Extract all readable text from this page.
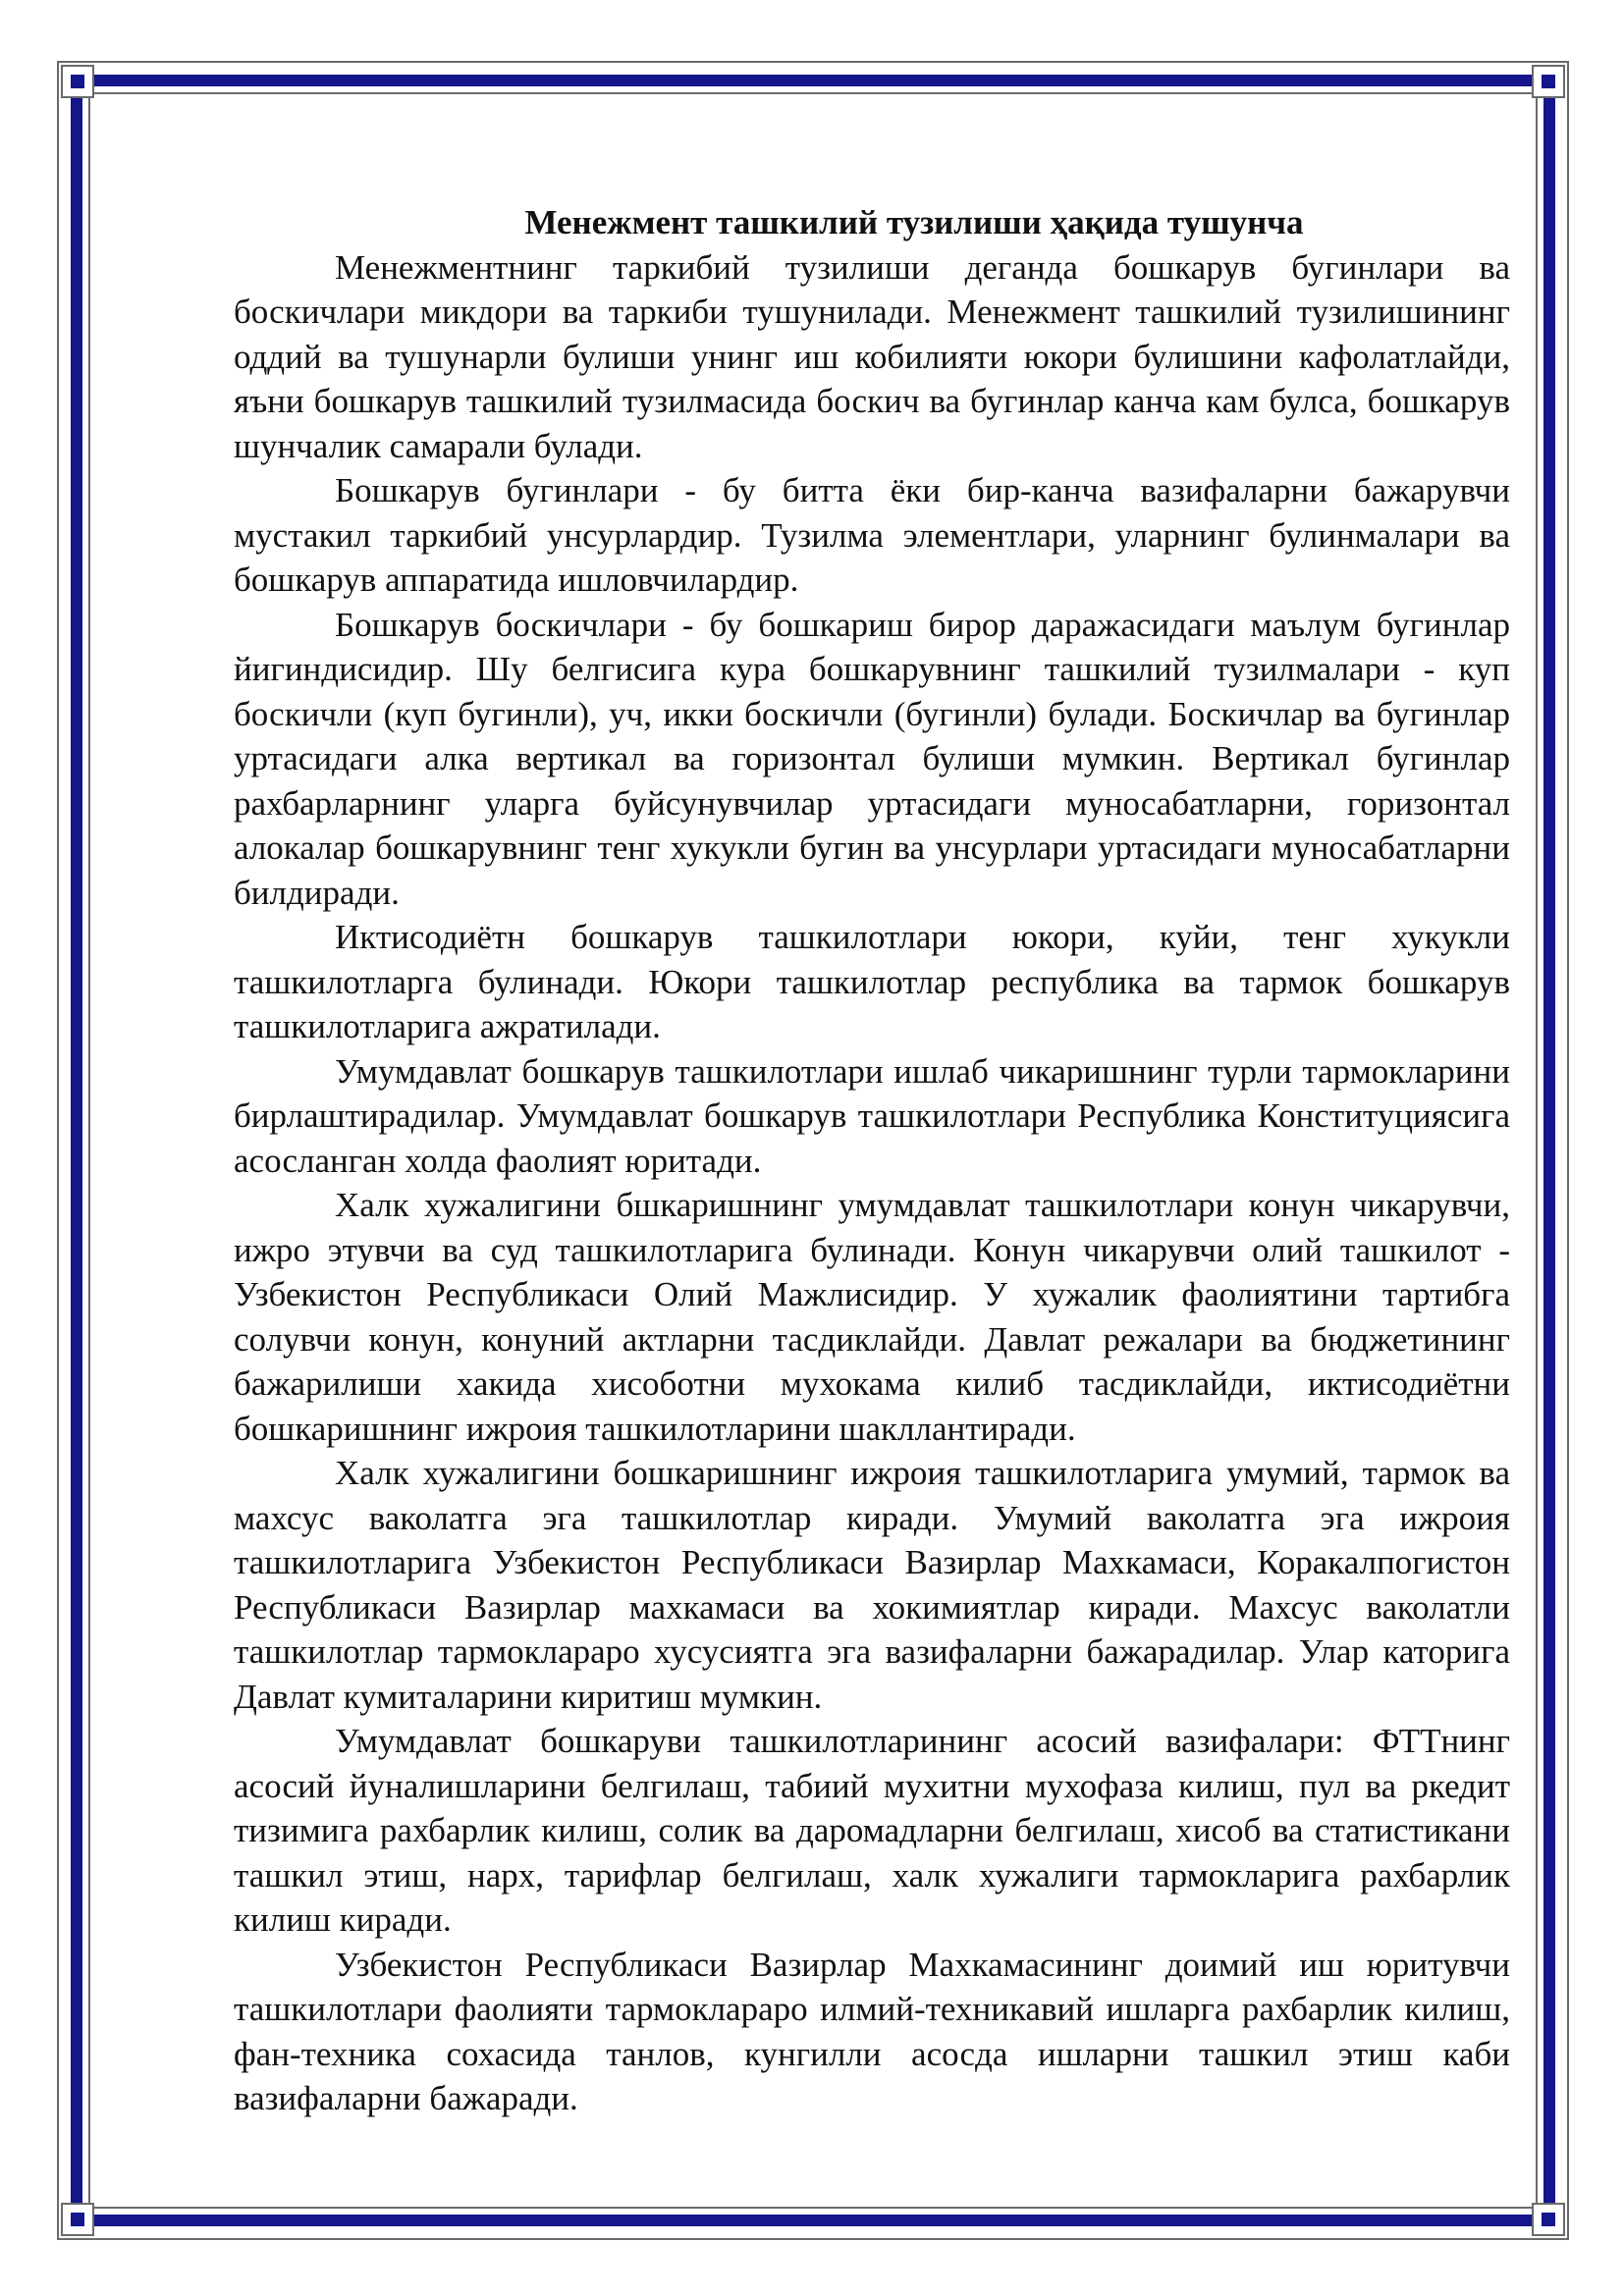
Менежмент ташкилий тузилиши ҳақида тушунча

Менежментнинг таркибий тузилиши деганда бошкарув бугинлари ва боскичлари микдори ва таркиби тушунилади. Менежмент ташкилий тузилишининг оддий ва тушунарли булиши унинг иш кобилияти юкори булишини кафолатлайди, яъни бошкарув ташкилий тузилмасида боскич ва бугинлар канча кам булса, бошкарув шунчалик самарали булади.

Бошкарув бугинлари - бу битта ёки бир-канча вазифаларни бажарувчи мустакил таркибий унсурлардир. Тузилма элементлари, уларнинг булинмалари ва бошкарув аппаратида ишловчилардир.

Бошкарув боскичлари - бу бошкариш бирор даражасидаги маълум бугинлар йигиндисидир. Шу белгисига кура бошкарувнинг ташкилий тузилмалари - куп боскичли (куп бугинли), уч, икки боскичли (бугинли) булади. Боскичлар ва бугинлар уртасидаги алка вертикал ва горизонтал булиши мумкин. Вертикал бугинлар рахбарларнинг уларга буйсунувчилар уртасидаги муносабатларни, горизонтал алокалар бошкарувнинг тенг хукукли бугин ва унсурлари уртасидаги муносабатларни билдиради.

Иктисодиётн бошкарув ташкилотлари юкори, куйи, тенг хукукли ташкилотларга булинади. Юкори ташкилотлар республика ва тармок бошкарув ташкилотларига ажратилади.

Умумдавлат бошкарув ташкилотлари ишлаб чикаришнинг турли тармокларини бирлаштирадилар. Умумдавлат бошкарув ташкилотлари Республика Конституциясига асосланган холда фаолият юритади.

Халк хужалигини бшкаришнинг умумдавлат ташкилотлари конун чикарувчи, ижро этувчи ва суд ташкилотларига булинади. Конун чикарувчи олий ташкилот - Узбекистон Республикаси Олий Мажлисидир. У хужалик фаолиятини тартибга солувчи конун, конуний актларни тасдиклайди. Давлат режалари ва бюджетининг бажарилиши хакида хисоботни мухокама килиб тасдиклайди, иктисодиётни бошкаришнинг ижроия ташкилотларини шакллантиради.

Халк хужалигини бошкаришнинг ижроия ташкилотларига умумий, тармок ва махсус ваколатга эга ташкилотлар киради. Умумий ваколатга эга ижроия ташкилотларига Узбекистон Республикаси Вазирлар Махкамаси, Коракалпогистон Республикаси Вазирлар махкамаси ва хокимиятлар киради. Махсус ваколатли ташкилотлар тармоклараро хусусиятга эга вазифаларни бажарадилар. Улар каторига Давлат кумиталарини киритиш мумкин.

Умумдавлат бошкаруви ташкилотларининг асосий вазифалари: ФТТнинг асосий йуналишларини белгилаш, табиий мухитни мухофаза килиш, пул ва ркедит тизимига рахбарлик килиш, солик ва даромадларни белгилаш, хисоб ва статистикани ташкил этиш, нарх, тарифлар белгилаш, халк хужалиги тармокларига рахбарлик килиш киради.

Узбекистон Республикаси Вазирлар Махкамасининг доимий иш юритувчи ташкилотлари фаолияти тармоклараро илмий-техникавий ишларга рахбарлик килиш, фан-техника сохасида танлов, кунгилли асосда ишларни ташкил этиш каби вазифаларни бажаради.
